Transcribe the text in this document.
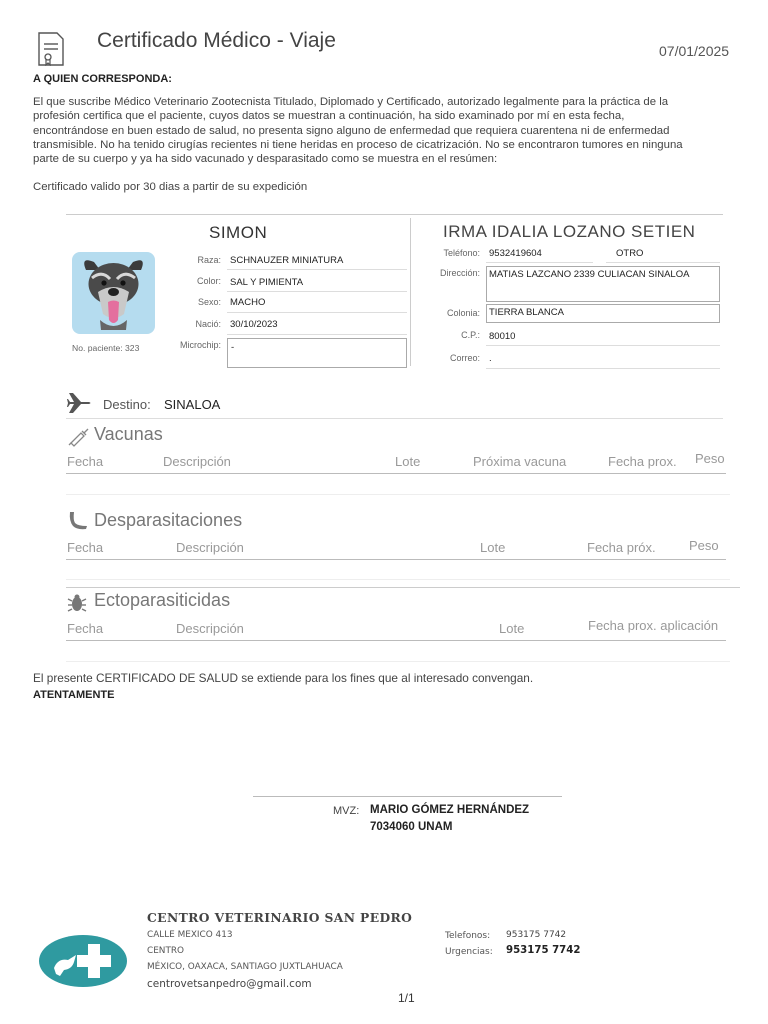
Certificado Médico - Viaje	07/01/2025
A QUIEN CORRESPONDA:
El que suscribe Médico Veterinario Zootecnista Titulado, Diplomado y Certificado, autorizado legalmente para la práctica de la
profesión certifica que el paciente, cuyos datos se muestran a continuación, ha sido examinado por mí en esta fecha,
encontrándose en buen estado de salud, no presenta signo alguno de enfermedad que requiera cuarentena ni de enfermedad
transmisible. No ha tenido cirugías recientes ni tiene heridas en proceso de cicatrización. No se encontraron tumores en ninguna
parte de su cuerpo y ya ha sido vacunado y desparasitado como se muestra en el resúmen:
Certificado valido por 30 dias a partir de su expedición
SIMON
No. paciente: 323
Raza: SCHNAUZER MINIATURA
Color: SAL Y PIMIENTA
Sexo: MACHO
Nació: 30/10/2023
Microchip: -
IRMA IDALIA LOZANO SETIEN
Teléfono: 9532419604	OTRO
Dirección: MATIAS LAZCANO 2339 CULIACAN SINALOA
Colonia: TIERRA BLANCA
C.P.: 80010
Correo: .
Destino: SINALOA
Vacunas
Fecha	Descripción	Lote	Próxima vacuna	Fecha prox. Peso
Desparasitaciones
Fecha	Descripción	Lote	Fecha próx.	Peso
Ectoparasiticidas
Fecha	Descripción	Lote	Fecha prox. aplicación
El presente CERTIFICADO DE SALUD se extiende para los fines que al interesado convengan.
ATENTAMENTE
MVZ: MARIO GÓMEZ HERNÁNDEZ
7034060 UNAM
CENTRO VETERINARIO SAN PEDRO
CALLE MEXICO 413
CENTRO
MÉXICO, OAXACA, SANTIAGO JUXTLAHUACA
centrovetsanpedro@gmail.com
Telefonos: 953175 7742
Urgencias: 953175 7742
1/1
